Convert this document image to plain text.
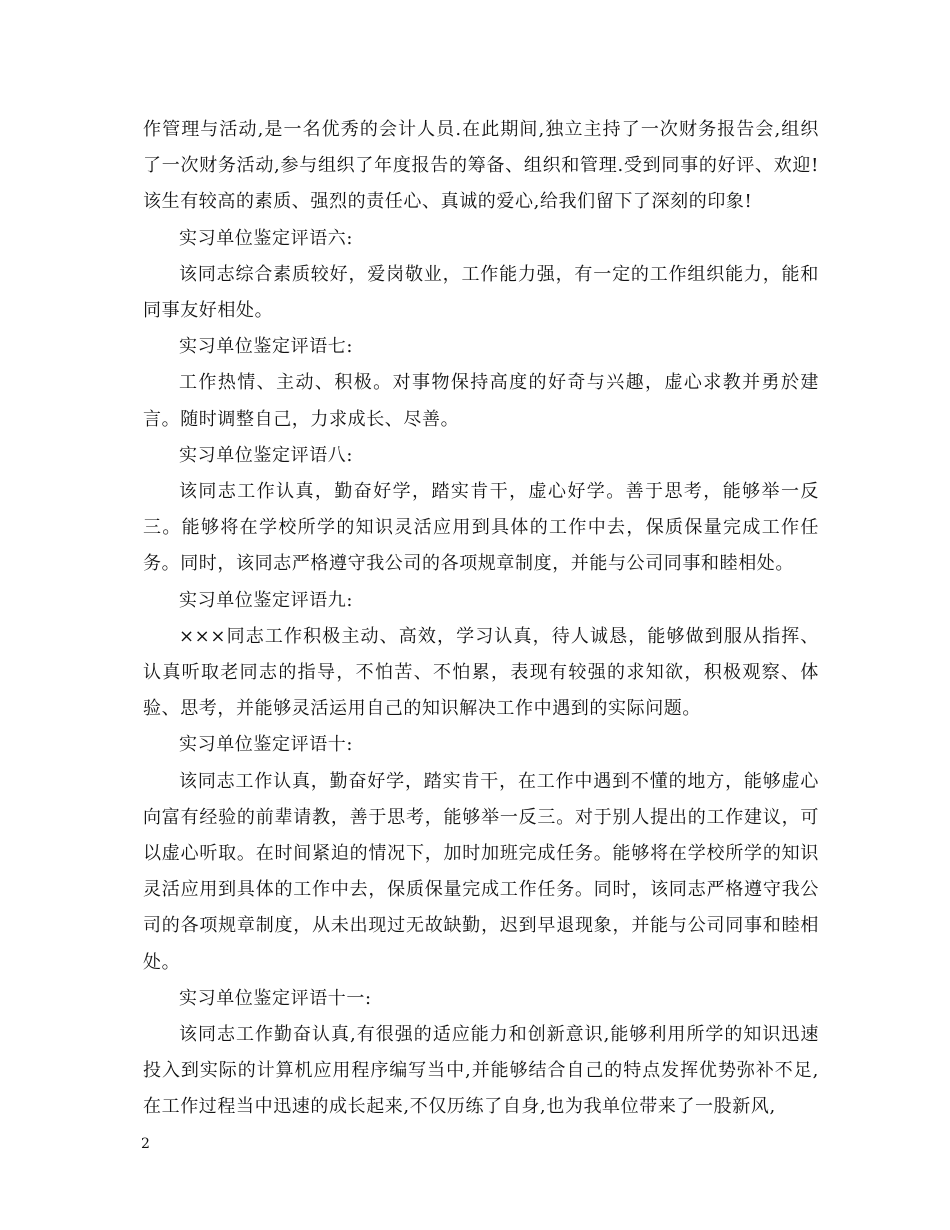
作管理与活动,是一名优秀的会计人员.在此期间,独立主持了一次财务报告会,组织了一次财务活动,参与组织了年度报告的筹备、组织和管理.受到同事的好评、欢迎!该生有较高的素质、强烈的责任心、真诚的爱心,给我们留下了深刻的印象!

实习单位鉴定评语六:

该同志综合素质较好，爱岗敬业，工作能力强，有一定的工作组织能力，能和同事友好相处。

实习单位鉴定评语七:

工作热情、主动、积极。对事物保持高度的好奇与兴趣，虚心求教并勇於建言。随时调整自己，力求成长、尽善。

实习单位鉴定评语八:

该同志工作认真，勤奋好学，踏实肯干，虚心好学。善于思考，能够举一反三。能够将在学校所学的知识灵活应用到具体的工作中去，保质保量完成工作任务。同时，该同志严格遵守我公司的各项规章制度，并能与公司同事和睦相处。

实习单位鉴定评语九:

×××同志工作积极主动、高效，学习认真，待人诚恳，能够做到服从指挥、认真听取老同志的指导，不怕苦、不怕累，表现有较强的求知欲，积极观察、体验、思考，并能够灵活运用自己的知识解决工作中遇到的实际问题。

实习单位鉴定评语十:

该同志工作认真，勤奋好学，踏实肯干，在工作中遇到不懂的地方，能够虚心向富有经验的前辈请教，善于思考，能够举一反三。对于别人提出的工作建议，可以虚心听取。在时间紧迫的情况下，加时加班完成任务。能够将在学校所学的知识灵活应用到具体的工作中去，保质保量完成工作任务。同时，该同志严格遵守我公司的各项规章制度，从未出现过无故缺勤，迟到早退现象，并能与公司同事和睦相处。

实习单位鉴定评语十一:

该同志工作勤奋认真,有很强的适应能力和创新意识,能够利用所学的知识迅速投入到实际的计算机应用程序编写当中,并能够结合自己的特点发挥优势弥补不足,在工作过程当中迅速的成长起来,不仅历练了自身,也为我单位带来了一股新风,

2
